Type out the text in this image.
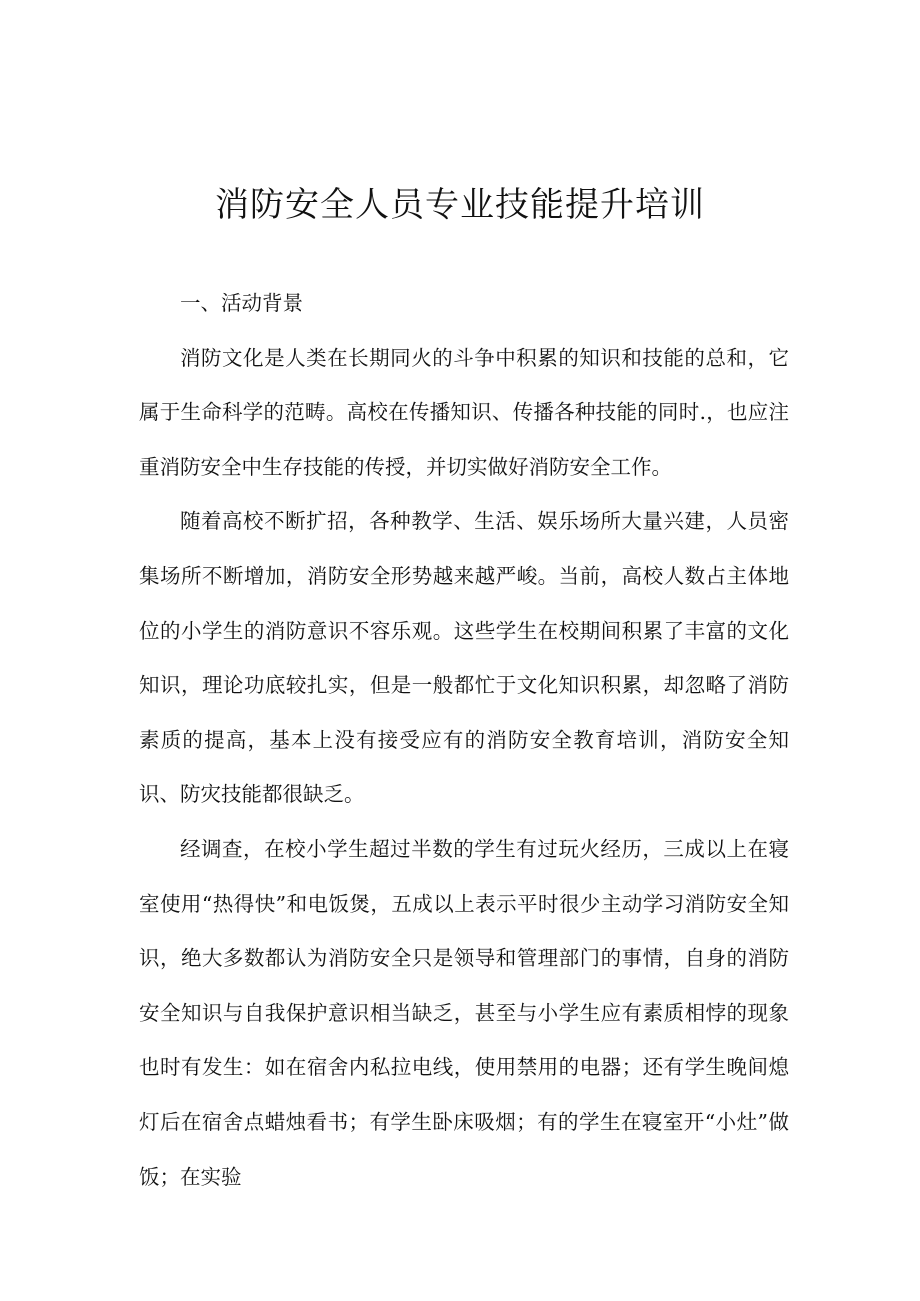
消防安全人员专业技能提升培训

一、活动背景

消防文化是人类在长期同火的斗争中积累的知识和技能的总和，它属于生命科学的范畴。高校在传播知识、传播各种技能的同时.，也应注重消防安全中生存技能的传授，并切实做好消防安全工作。

随着高校不断扩招，各种教学、生活、娱乐场所大量兴建，人员密集场所不断增加，消防安全形势越来越严峻。当前，高校人数占主体地位的小学生的消防意识不容乐观。这些学生在校期间积累了丰富的文化知识，理论功底较扎实，但是一般都忙于文化知识积累，却忽略了消防素质的提高，基本上没有接受应有的消防安全教育培训，消防安全知识、防灾技能都很缺乏。

经调查，在校小学生超过半数的学生有过玩火经历，三成以上在寝室使用“热得快”和电饭煲，五成以上表示平时很少主动学习消防安全知识，绝大多数都认为消防安全只是领导和管理部门的事情，自身的消防安全知识与自我保护意识相当缺乏，甚至与小学生应有素质相悖的现象也时有发生：如在宿舍内私拉电线，使用禁用的电器；还有学生晚间熄灯后在宿舍点蜡烛看书；有学生卧床吸烟；有的学生在寝室开“小灶”做饭；在实验
